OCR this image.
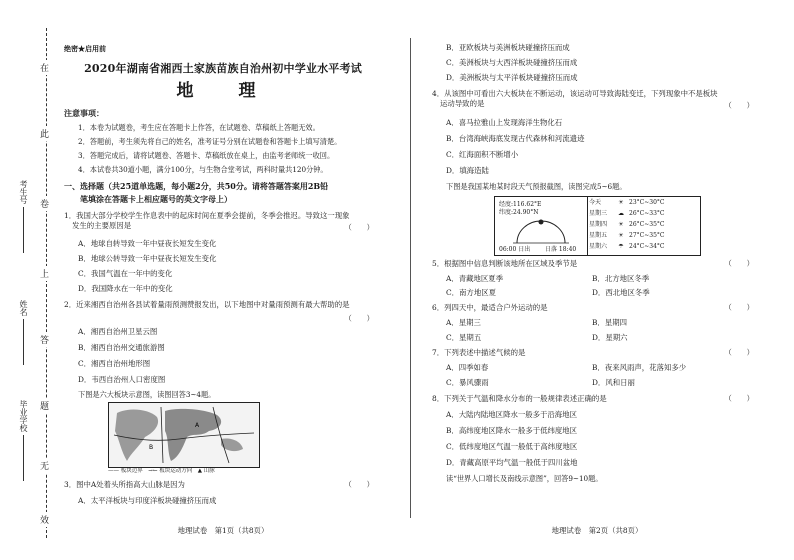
在
此
卷
上
答
题
无
效
考生号
姓名
毕业学校
绝密★启用前
2020年湖南省湘西土家族苗族自治州初中学业水平考试
地　理
注意事项：
1．本卷为试题卷，考生应在答题卡上作答，在试题卷、草稿纸上答题无效。
2．答题前，考生须先将自己的姓名，准考证号分别在试题卷和答题卡上填写清楚。
3．答题完成后，请将试题卷、答题卡、草稿纸放在桌上，由监考老师统一收回。
4．本试卷共30道小题，满分100分，与生物合堂考试，两科时量共120分钟。
一、选择题（共25道单选题，每小题2分，共50分。请将答题答案用2B铅
笔填涂在答题卡上相应题号的英文字母上）
1．我国大部分学校学生作息表中的起床时间在夏季会提前，冬季会推迟。导致这一现象
发生的主要原因是	（　　）
A．地球自转导致一年中昼夜长短发生变化
B．地球公转导致一年中昼夜长短发生变化
C．我国气温在一年中的变化
D．我国降水在一年中的变化
2．近来湘西自治州各县试着量雨预测赞报发出，以下地图中对量雨预测有最大帮助的是
（　　）
A．湘西自治州卫星云图
B．湘西自治州交通旅游图
C．湘西自治州地形图
D．韦西自治州人口密度图
下图是六大板块示意图，读图回答3~4题。
A
B
—— 板块边界　→← 板块运动方向　▲ 山脉
3．图中A处着头所指高大山脉是因为	（　　）
A．太平洋板块与印度洋板块碰撞挤压而成
地理试卷　第1页（共8页）
B．亚欧板块与美洲板块碰撞挤压而成
C．美洲板块与大西洋板块碰撞挤压而成
D．美洲板块与太平洋板块碰撞挤压而成
4．从该图中可看出六大板块在不断运动，该运动可导致海陆变迁，下列现象中不是板块
运动导致的是	（　　）
A．喜马拉雅山上发现海洋生物化石
B．台湾海峡海底发现古代森林和河流遗迹
C．红海面积不断增小
D．填海造陆
下图是我国某地某时段天气预报截图，读图完成5~6题。
经度:116.62°E
纬度:24.90°N
06:00 日出 日落 18:40
今天	☀ 23°C~30°C
星期三	☁ 26°C~33°C
星期四	☀ 26°C~35°C
星期五	☀ 27°C~35°C
星期六	☂ 24°C~34°C
5．根据图中信息判断该地所在区域及季节是	（　　）
A．青藏地区夏季	B．北方地区冬季
C．南方地区夏	D．西北地区冬季
6．列四天中，最适合户外运动的是	（　　）
A．星期三	B．星期四
C．星期五	D．星期六
7．下列表述中描述气候的是	（　　）
A．四季如春	B．夜来风雨声，花落知多少
C．暴风骤雨	D．风和日丽
8．下列关于气温和降水分布的一般规律表述正确的是	（　　）
A．大陆内陆地区降水一般多于沿海地区
B．高纬度地区降水一般多于低纬度地区
C．低纬度地区气温一般低于高纬度地区
D．青藏高原平均气温一般低于四川盆地
读“世界人口增长及南线示意图”，回答9~10题。
地理试卷　第2页（共8页）
